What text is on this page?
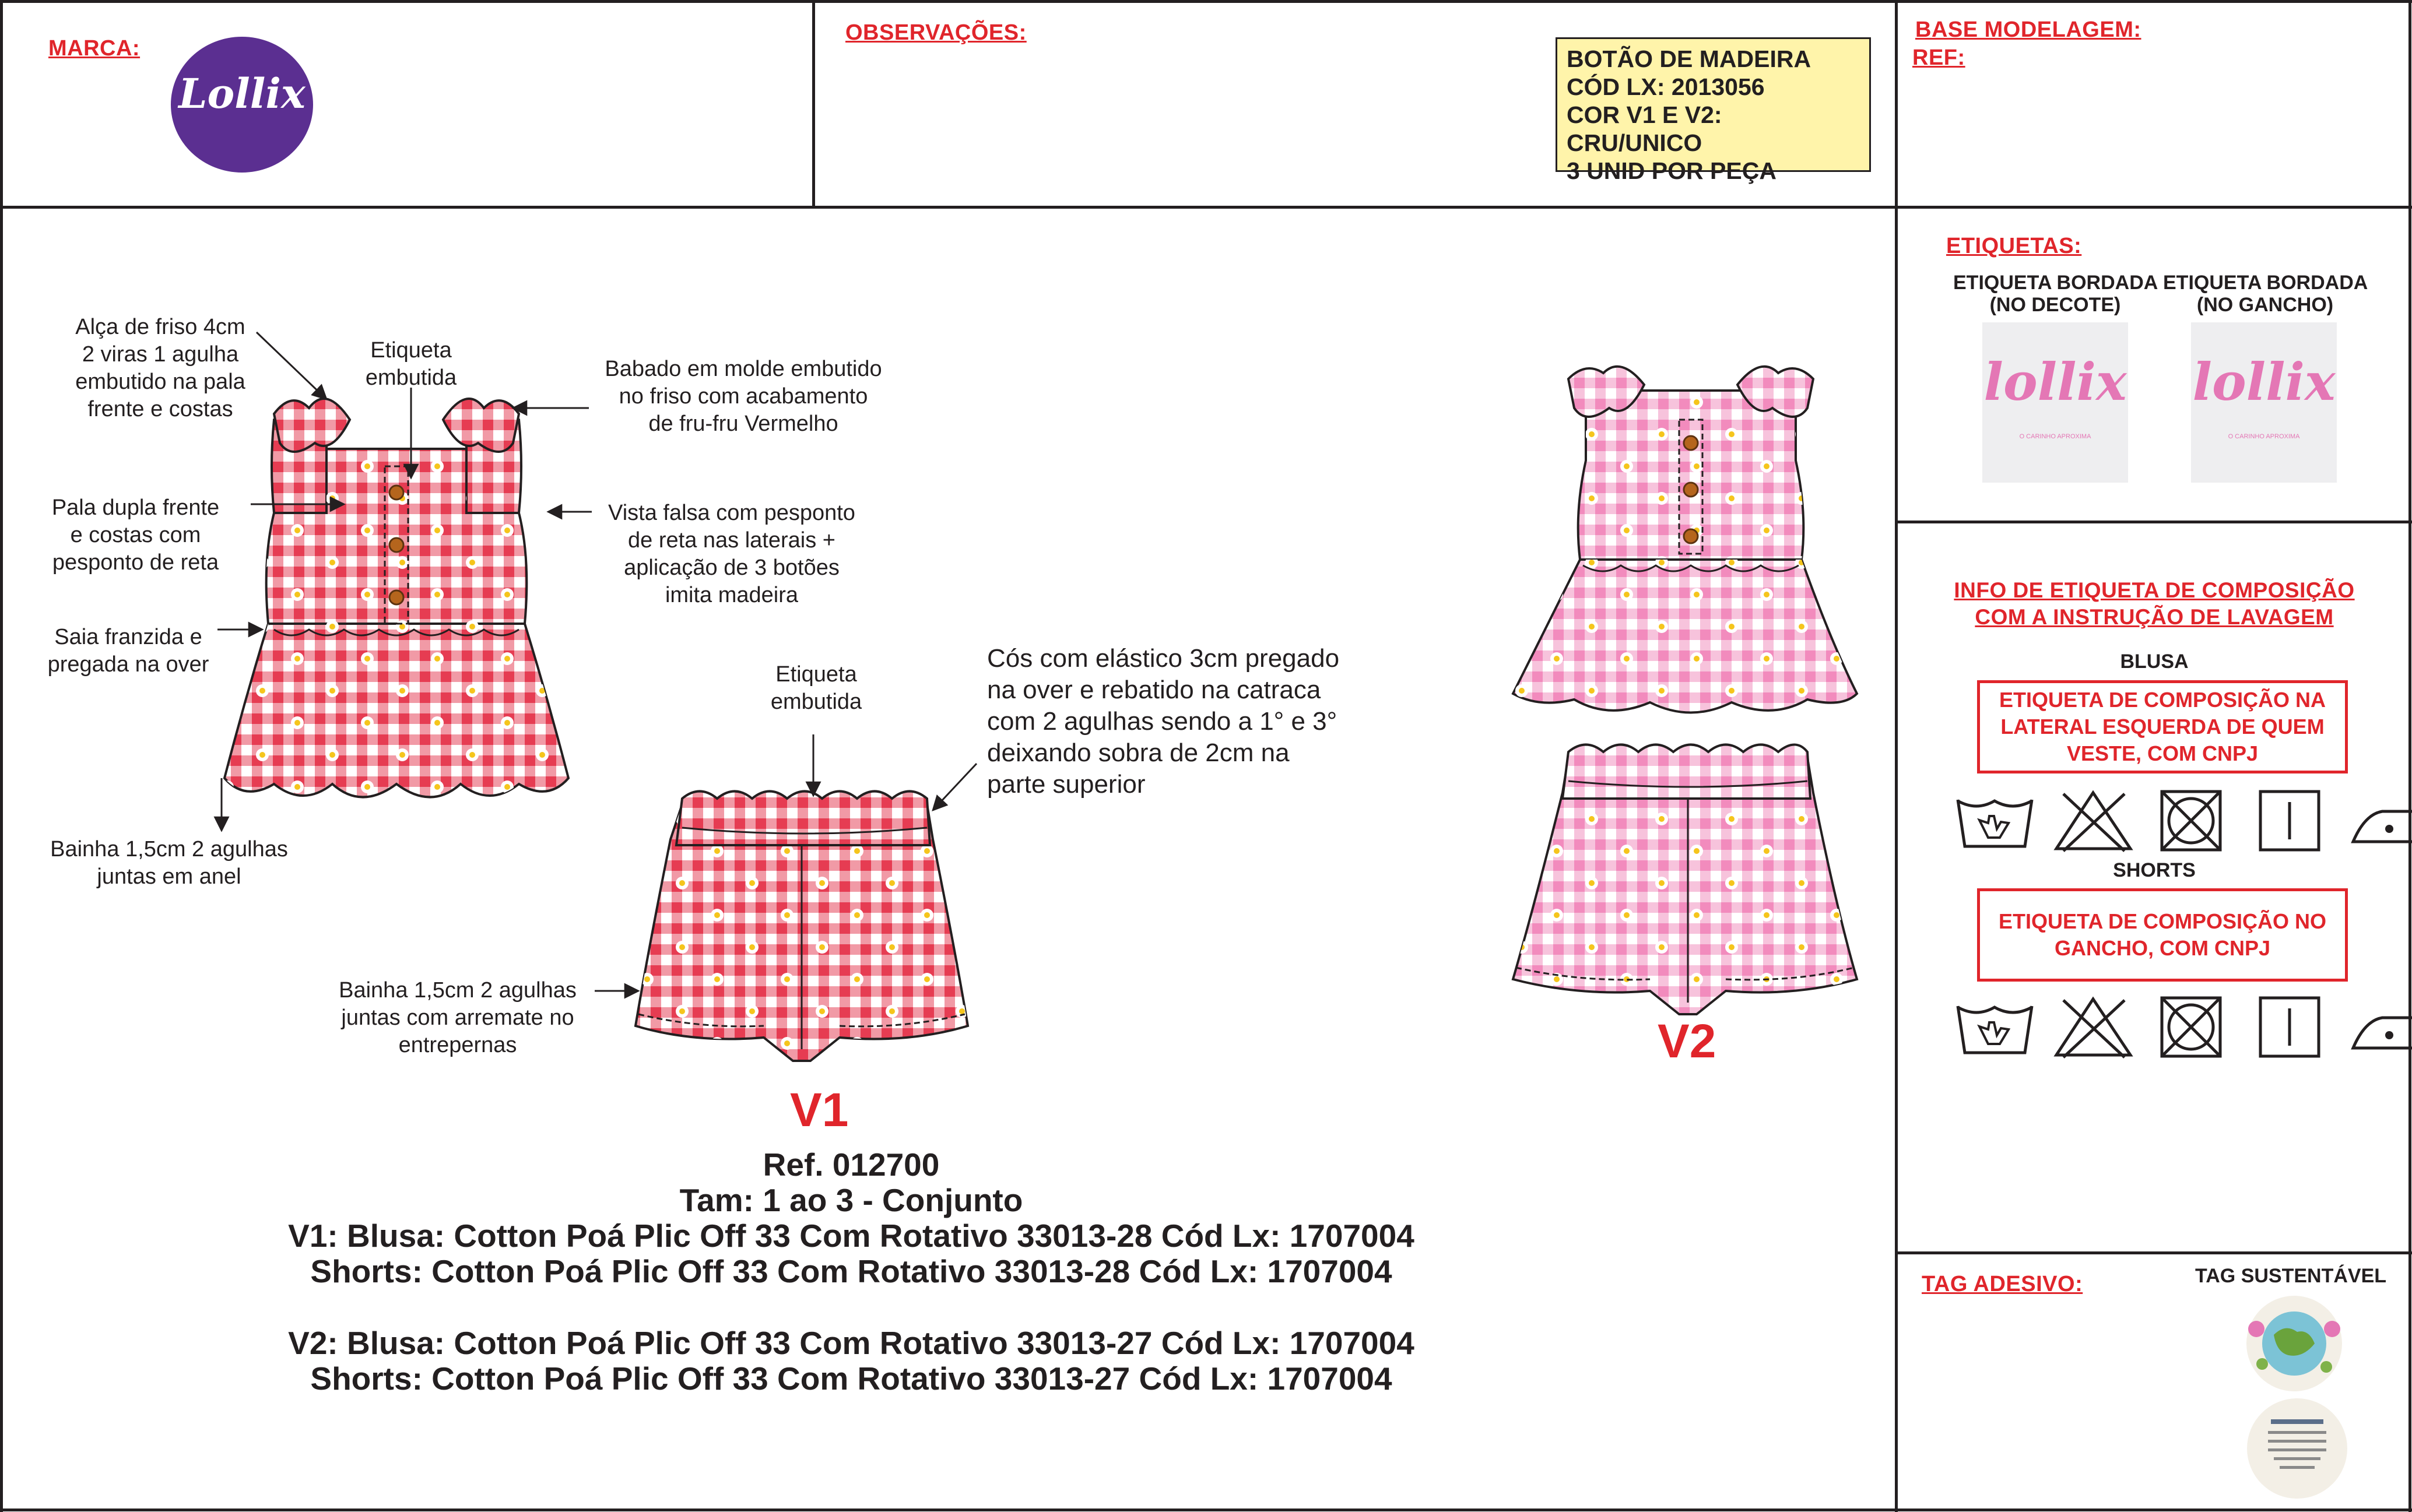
MARCA:
Lollix
OBSERVAÇÕES:
BOTÃO DE MADEIRA
CÓD LX: 2013056
COR V1 E V2: CRU/UNICO
3 UNID POR PEÇA
BASE MODELAGEM:
REF:
Alça de friso 4cm
2 viras 1 agulha
embutido na pala
frente e costas
Etiqueta
embutida	Babado em molde embutido
no friso com acabamento
de fru-fru Vermelho
Pala dupla frente
e costas com
pesponto de reta
Vista falsa com pesponto
de reta nas laterais +
aplicação de 3 botões
imita madeira
Saia franzida e
pregada na over
Bainha 1,5cm 2 agulhas
juntas em anel
Etiqueta
embutida
Cós com elástico 3cm pregado
na over e rebatido na catraca
com 2 agulhas sendo a 1° e 3°
deixando sobra de 2cm na
parte superior
Bainha 1,5cm 2 agulhas
juntas com arremate no
entrepernas
V1
V2
Ref. 012700
Tam: 1 ao 3 - Conjunto
V1: Blusa: Cotton Poá Plic Off 33 Com Rotativo 33013-28 Cód Lx: 1707004
Shorts: Cotton Poá Plic Off 33 Com Rotativo 33013-28 Cód Lx: 1707004
V2: Blusa: Cotton Poá Plic Off 33 Com Rotativo 33013-27 Cód Lx: 1707004
Shorts: Cotton Poá Plic Off 33 Com Rotativo 33013-27 Cód Lx: 1707004
ETIQUETAS:
ETIQUETA BORDADA
(NO DECOTE)
ETIQUETA BORDADA
(NO GANCHO)
lollix
O CARINHO APROXIMA
lollix
O CARINHO APROXIMA
INFO DE ETIQUETA DE COMPOSIÇÃO
COM A INSTRUÇÃO DE LAVAGEM
BLUSA
ETIQUETA DE COMPOSIÇÃO NA
LATERAL ESQUERDA DE QUEM
VESTE, COM CNPJ
SHORTS
ETIQUETA DE COMPOSIÇÃO NO
GANCHO, COM CNPJ
TAG ADESIVO:	TAG SUSTENTÁVEL
